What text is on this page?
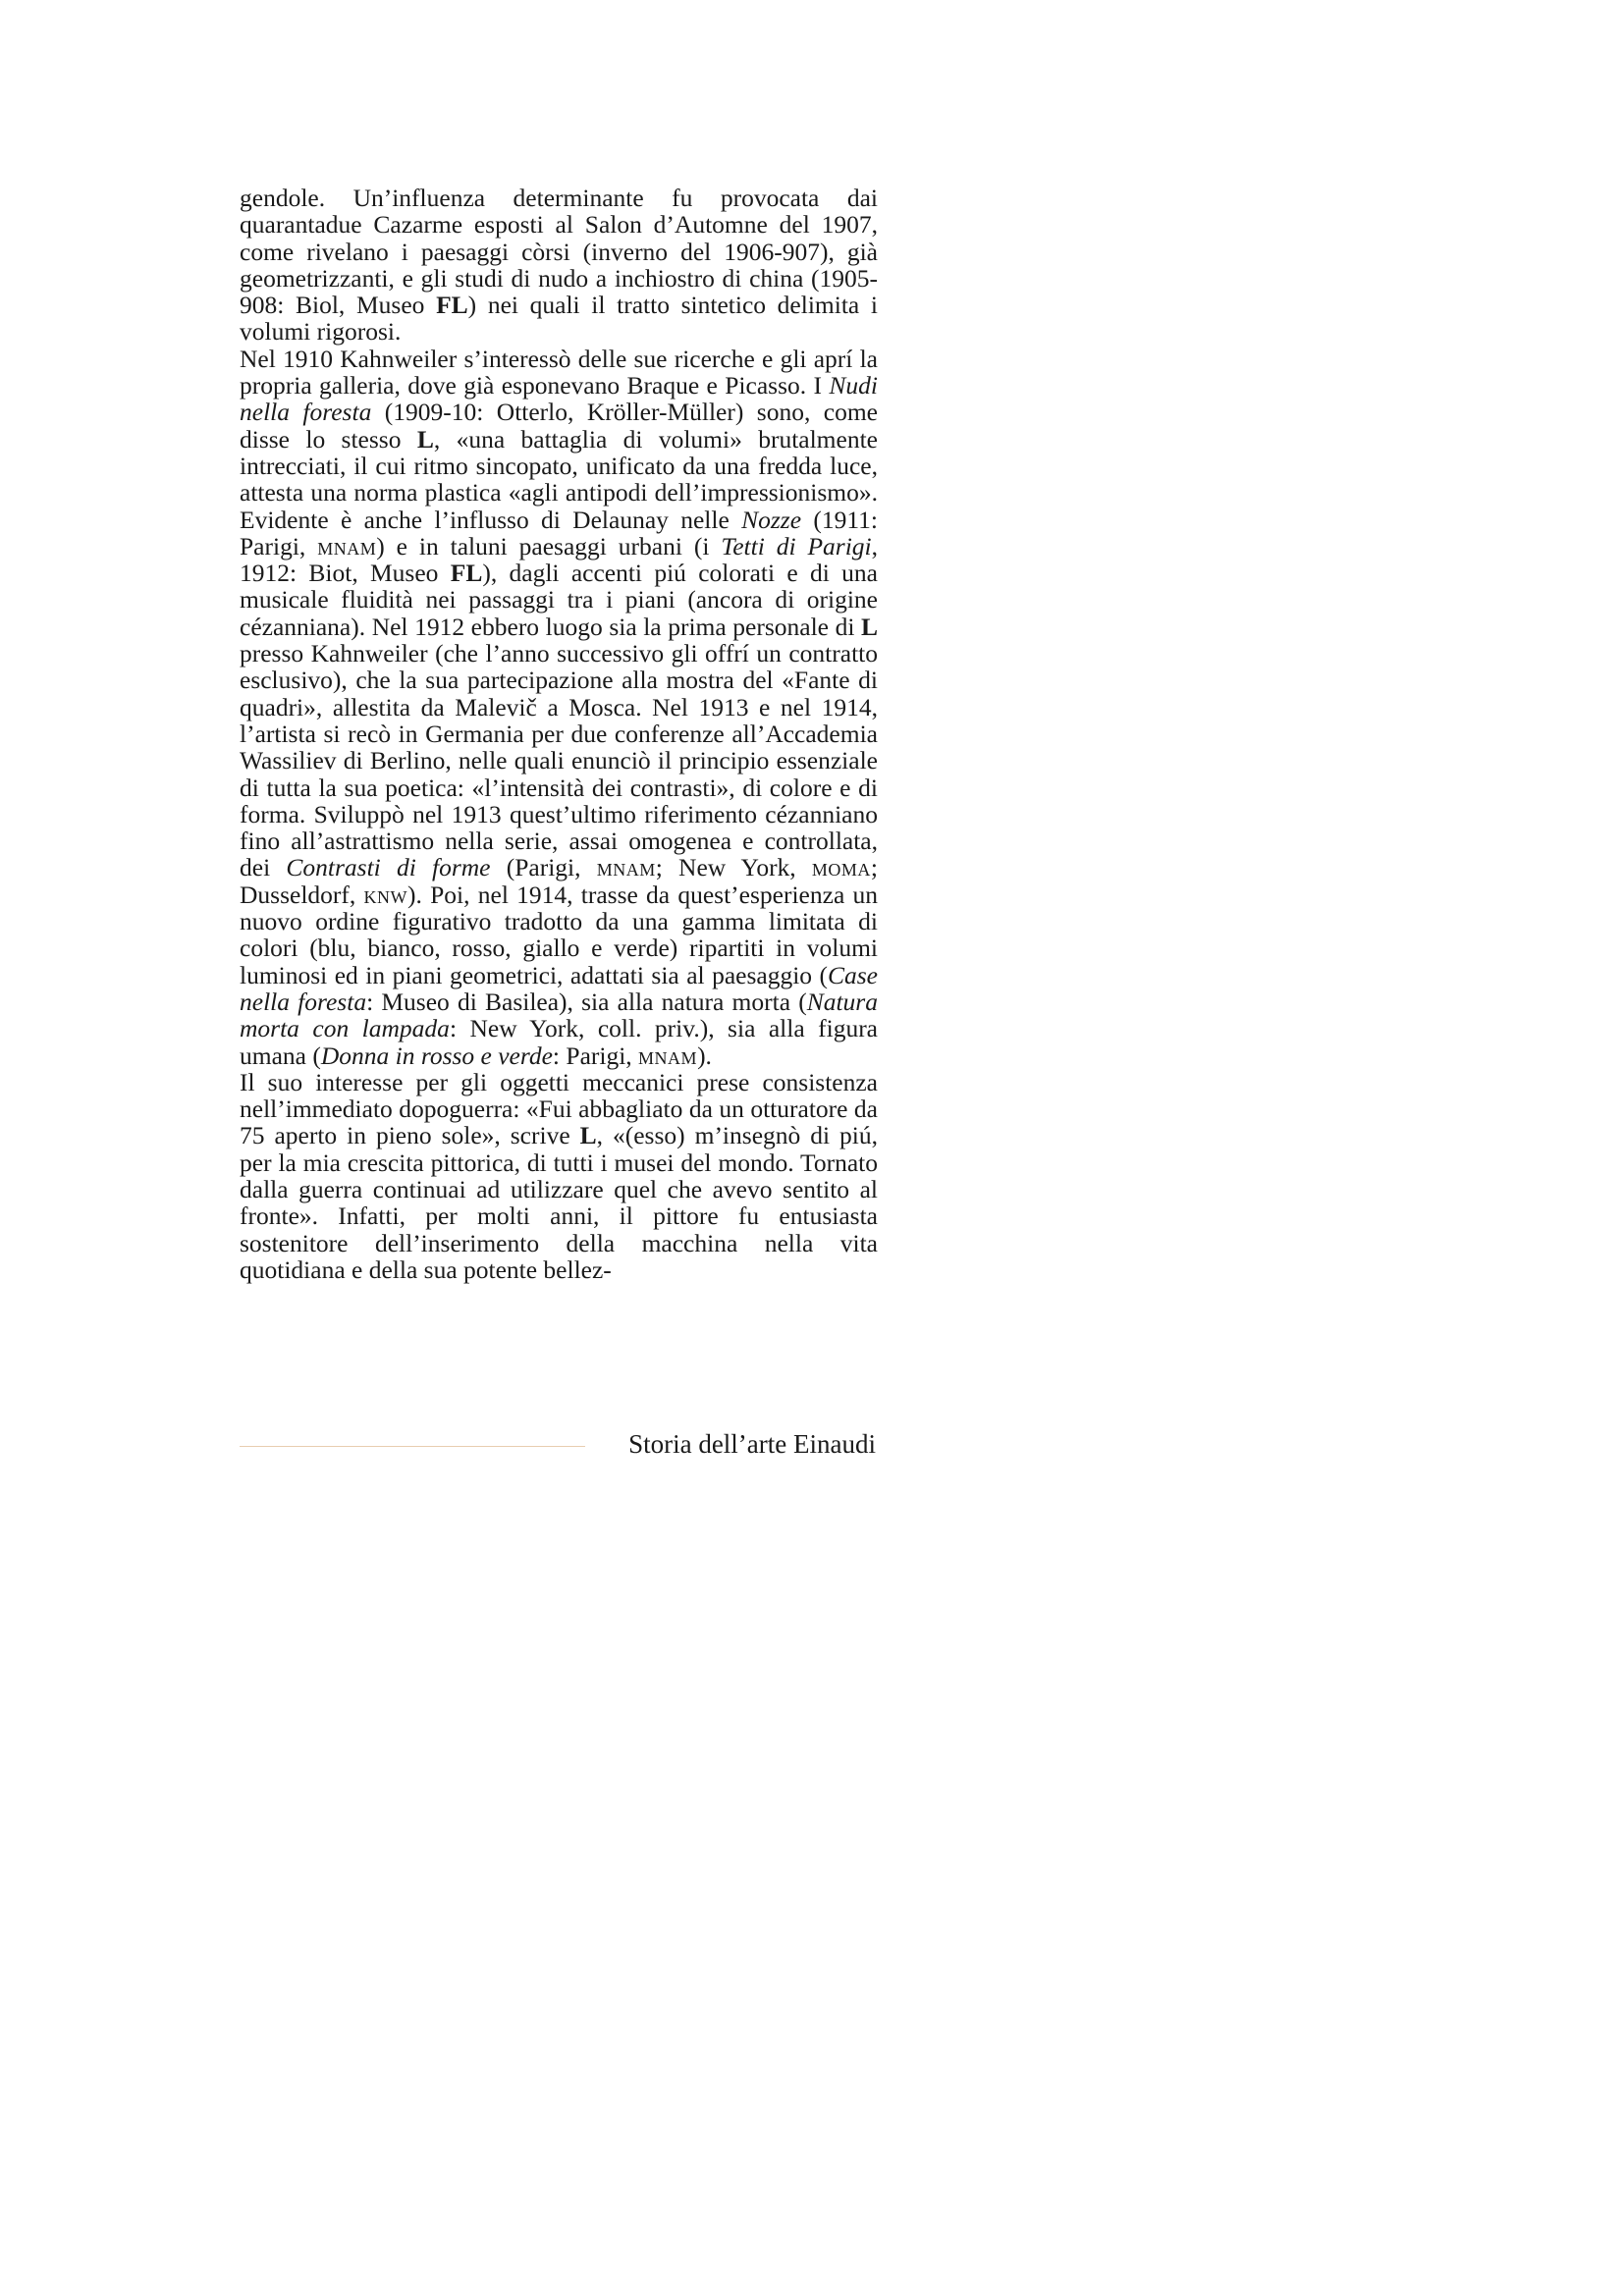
gendole. Un’influenza determinante fu provocata dai quarantadue Cazarme esposti al Salon d’Automne del 1907, come rivelano i paesaggi còrsi (inverno del 1906-907), già geometrizzanti, e gli studi di nudo a inchiostro di china (1905-908: Biol, Museo FL) nei quali il tratto sintetico delimita i volumi rigorosi.

Nel 1910 Kahnweiler s’interessò delle sue ricerche e gli aprí la propria galleria, dove già esponevano Braque e Picasso. I Nudi nella foresta (1909-10: Otterlo, Kröller-Müller) sono, come disse lo stesso L, «una battaglia di volumi» brutalmente intrecciati, il cui ritmo sincopato, unificato da una fredda luce, attesta una norma plastica «agli antipodi dell’impressionismo». Evidente è anche l’influsso di Delaunay nelle Nozze (1911: Parigi, mnam) e in taluni paesaggi urbani (i Tetti di Parigi, 1912: Biot, Museo FL), dagli accenti piú colorati e di una musicale fluidità nei passaggi tra i piani (ancora di origine cézanniana). Nel 1912 ebbero luogo sia la prima personale di L presso Kahnweiler (che l’anno successivo gli offrí un contratto esclusivo), che la sua partecipazione alla mostra del «Fante di quadri», allestita da Malevič a Mosca. Nel 1913 e nel 1914, l’artista si recò in Germania per due conferenze all’Accademia Wassiliev di Berlino, nelle quali enunciò il principio essenziale di tutta la sua poetica: «l’intensità dei contrasti», di colore e di forma. Sviluppò nel 1913 quest’ultimo riferimento cézanniano fino all’astrattismo nella serie, assai omogenea e controllata, dei Contrasti di forme (Parigi, mnam; New York, moma; Dusseldorf, knw). Poi, nel 1914, trasse da quest’esperienza un nuovo ordine figurativo tradotto da una gamma limitata di colori (blu, bianco, rosso, giallo e verde) ripartiti in volumi luminosi ed in piani geometrici, adattati sia al paesaggio (Case nella foresta: Museo di Basilea), sia alla natura morta (Natura morta con lampada: New York, coll. priv.), sia alla figura umana (Donna in rosso e verde: Parigi, mnam).

Il suo interesse per gli oggetti meccanici prese consistenza nell’immediato dopoguerra: «Fui abbagliato da un otturatore da 75 aperto in pieno sole», scrive L, «(esso) m’insegnò di piú, per la mia crescita pittorica, di tutti i musei del mondo. Tornato dalla guerra continuai ad utilizzare quel che avevo sentito al fronte». Infatti, per molti anni, il pittore fu entusiasta sostenitore dell’inserimento della macchina nella vita quotidiana e della sua potente bellez-

Storia dell’arte Einaudi
